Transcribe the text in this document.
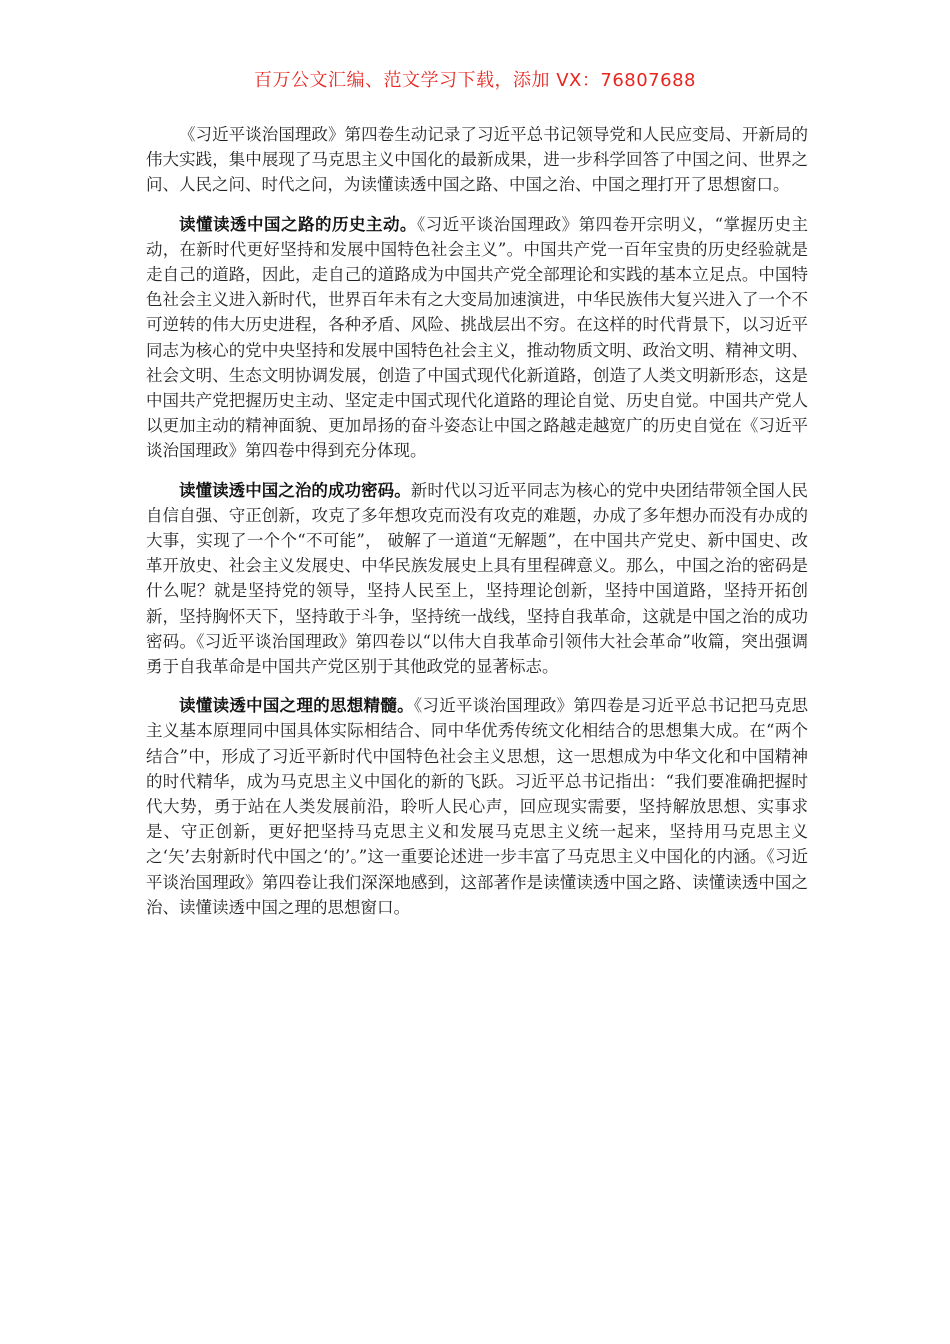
百万公文汇编、范文学习下载，添加 VX：76807688

《习近平谈治国理政》第四卷生动记录了习近平总书记领导党和人民应变局、开新局的伟大实践，集中展现了马克思主义中国化的最新成果，进一步科学回答了中国之问、世界之问、人民之问、时代之问，为读懂读透中国之路、中国之治、中国之理打开了思想窗口。

读懂读透中国之路的历史主动。《习近平谈治国理政》第四卷开宗明义，“掌握历史主动，在新时代更好坚持和发展中国特色社会主义”。中国共产党一百年宝贵的历史经验就是走自己的道路，因此，走自己的道路成为中国共产党全部理论和实践的基本立足点。中国特色社会主义进入新时代，世界百年未有之大变局加速演进，中华民族伟大复兴进入了一个不可逆转的伟大历史进程，各种矛盾、风险、挑战层出不穷。在这样的时代背景下，以习近平同志为核心的党中央坚持和发展中国特色社会主义，推动物质文明、政治文明、精神文明、社会文明、生态文明协调发展，创造了中国式现代化新道路，创造了人类文明新形态，这是中国共产党把握历史主动、坚定走中国式现代化道路的理论自觉、历史自觉。中国共产党人以更加主动的精神面貌、更加昂扬的奋斗姿态让中国之路越走越宽广的历史自觉在《习近平谈治国理政》第四卷中得到充分体现。

读懂读透中国之治的成功密码。新时代以习近平同志为核心的党中央团结带领全国人民自信自强、守正创新，攻克了多年想攻克而没有攻克的难题，办成了多年想办而没有办成的大事，实现了一个个“不可能”， 破解了一道道“无解题”，在中国共产党史、新中国史、改革开放史、社会主义发展史、中华民族发展史上具有里程碑意义。那么，中国之治的密码是什么呢？就是坚持党的领导，坚持人民至上，坚持理论创新，坚持中国道路，坚持开拓创新，坚持胸怀天下，坚持敢于斗争，坚持统一战线，坚持自我革命，这就是中国之治的成功密码。《习近平谈治国理政》第四卷以“以伟大自我革命引领伟大社会革命”收篇，突出强调勇于自我革命是中国共产党区别于其他政党的显著标志。

读懂读透中国之理的思想精髓。《习近平谈治国理政》第四卷是习近平总书记把马克思主义基本原理同中国具体实际相结合、同中华优秀传统文化相结合的思想集大成。在“两个结合”中，形成了习近平新时代中国特色社会主义思想，这一思想成为中华文化和中国精神的时代精华，成为马克思主义中国化的新的飞跃。习近平总书记指出：“我们要准确把握时代大势，勇于站在人类发展前沿，聆听人民心声，回应现实需要，坚持解放思想、实事求是、守正创新，更好把坚持马克思主义和发展马克思主义统一起来，坚持用马克思主义之‘矢’去射新时代中国之‘的’。”这一重要论述进一步丰富了马克思主义中国化的内涵。《习近平谈治国理政》第四卷让我们深深地感到，这部著作是读懂读透中国之路、读懂读透中国之治、读懂读透中国之理的思想窗口。
